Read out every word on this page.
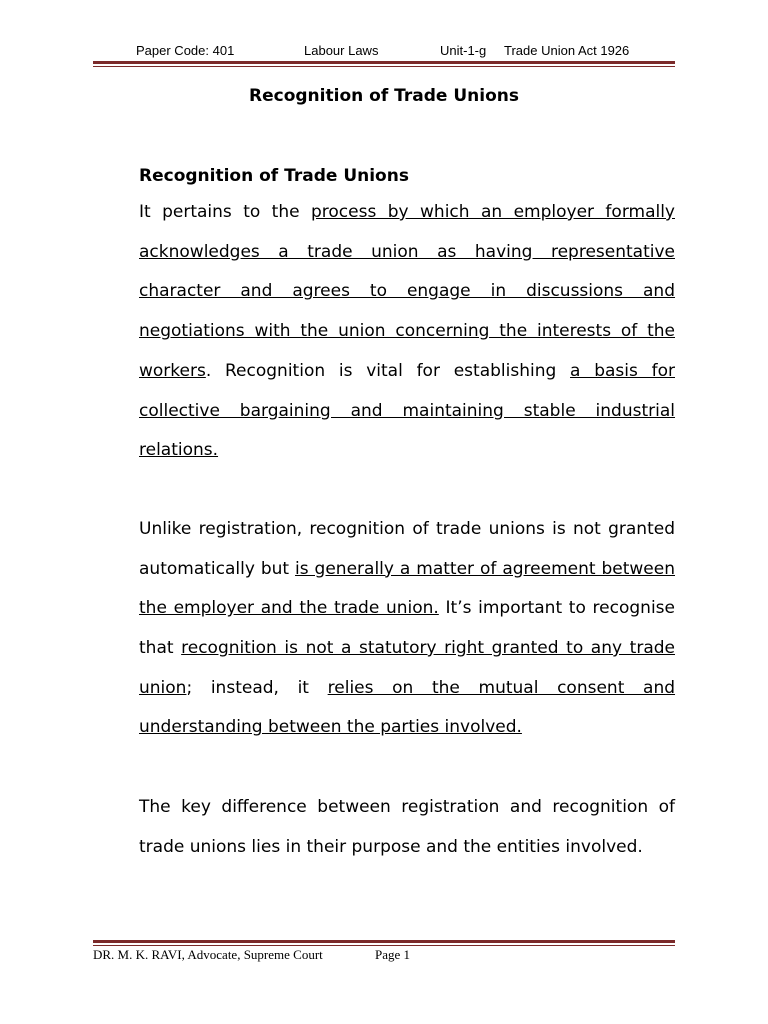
Paper Code: 401	Labour Laws	Unit-1-g Trade Union Act 1926
Recognition of Trade Unions
Recognition of Trade Unions

It pertains to the process by which an employer formally acknowledges a trade union as having representative character and agrees to engage in discussions and negotiations with the union concerning the interests of the workers. Recognition is vital for establishing a basis for collective bargaining and maintaining stable industrial relations.

Unlike registration, recognition of trade unions is not granted automatically but is generally a matter of agreement between the employer and the trade union. It’s important to recognise that recognition is not a statutory right granted to any trade union; instead, it relies on the mutual consent and understanding between the parties involved.

The key difference between registration and recognition of trade unions lies in their purpose and the entities involved.

DR. M. K. RAVI, Advocate, Supreme Court	Page 1
